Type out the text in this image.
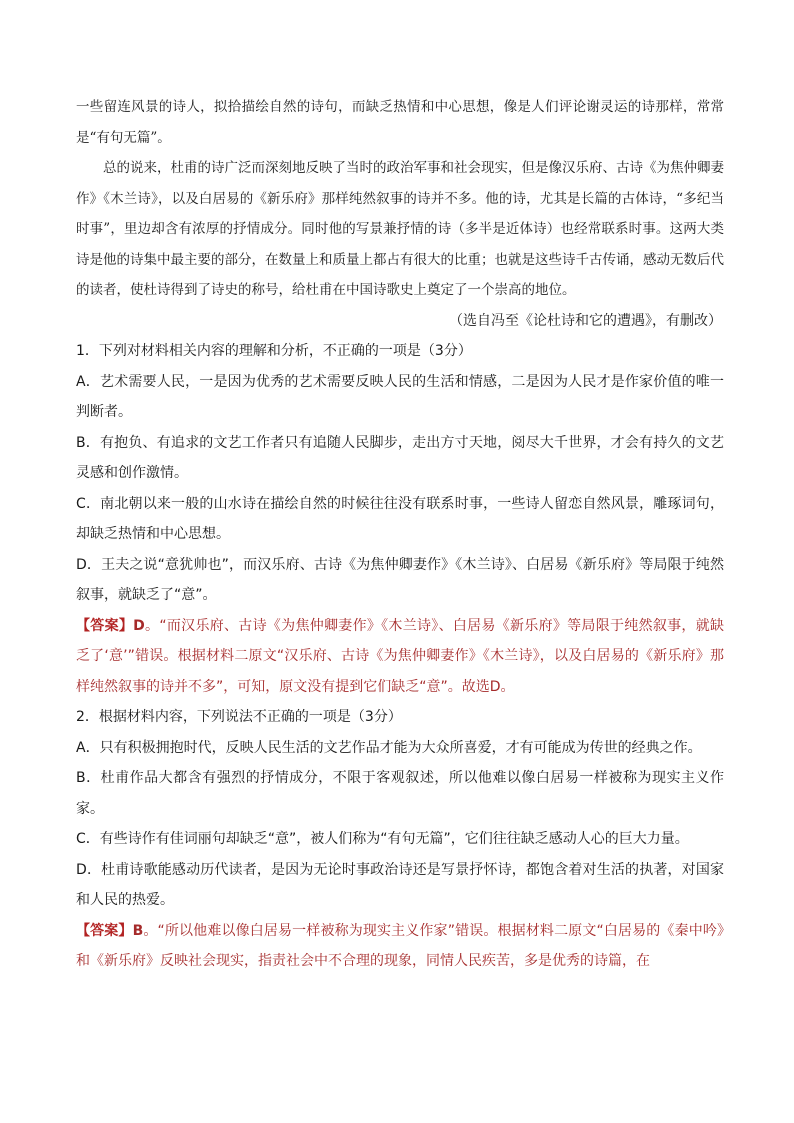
一些留连风景的诗人，拟拾描绘自然的诗句，而缺乏热情和中心思想，像是人们评论谢灵运的诗那样，常常是“有句无篇”。

总的说来，杜甫的诗广泛而深刻地反映了当时的政治军事和社会现实，但是像汉乐府、古诗《为焦仲卿妻作》《木兰诗》，以及白居易的《新乐府》那样纯然叙事的诗并不多。他的诗，尤其是长篇的古体诗，“多纪当时事”，里边却含有浓厚的抒情成分。同时他的写景兼抒情的诗（多半是近体诗）也经常联系时事。这两大类诗是他的诗集中最主要的部分，在数量上和质量上都占有很大的比重；也就是这些诗千古传诵，感动无数后代的读者，使杜诗得到了诗史的称号，给杜甫在中国诗歌史上奠定了一个崇高的地位。

（选自冯至《论杜诗和它的遭遇》，有删改）

1．下列对材料相关内容的理解和分析，不正确的一项是（3分）

A．艺术需要人民，一是因为优秀的艺术需要反映人民的生活和情感，二是因为人民才是作家价值的唯一判断者。

B．有抱负、有追求的文艺工作者只有追随人民脚步，走出方寸天地，阅尽大千世界，才会有持久的文艺灵感和创作激情。

C．南北朝以来一般的山水诗在描绘自然的时候往往没有联系时事，一些诗人留恋自然风景，雕琢词句，却缺乏热情和中心思想。

D．王夫之说“意犹帅也”，而汉乐府、古诗《为焦仲卿妻作》《木兰诗》、白居易《新乐府》等局限于纯然叙事，就缺乏了“意”。

【答案】D。“而汉乐府、古诗《为焦仲卿妻作》《木兰诗》、白居易《新乐府》等局限于纯然叙事，就缺乏了‘意’”错误。根据材料二原文“汉乐府、古诗《为焦仲卿妻作》《木兰诗》，以及白居易的《新乐府》那样纯然叙事的诗并不多”，可知，原文没有提到它们缺乏“意”。故选D。

2．根据材料内容，下列说法不正确的一项是（3分）

A．只有积极拥抱时代，反映人民生活的文艺作品才能为大众所喜爱，才有可能成为传世的经典之作。

B．杜甫作品大都含有强烈的抒情成分，不限于客观叙述，所以他难以像白居易一样被称为现实主义作家。

C．有些诗作有佳词丽句却缺乏“意”，被人们称为“有句无篇”，它们往往缺乏感动人心的巨大力量。

D．杜甫诗歌能感动历代读者，是因为无论时事政治诗还是写景抒怀诗，都饱含着对生活的执著，对国家和人民的热爱。

【答案】B。“所以他难以像白居易一样被称为现实主义作家”错误。根据材料二原文“白居易的《秦中吟》和《新乐府》反映社会现实，指责社会中不合理的现象，同情人民疾苦，多是优秀的诗篇，在
